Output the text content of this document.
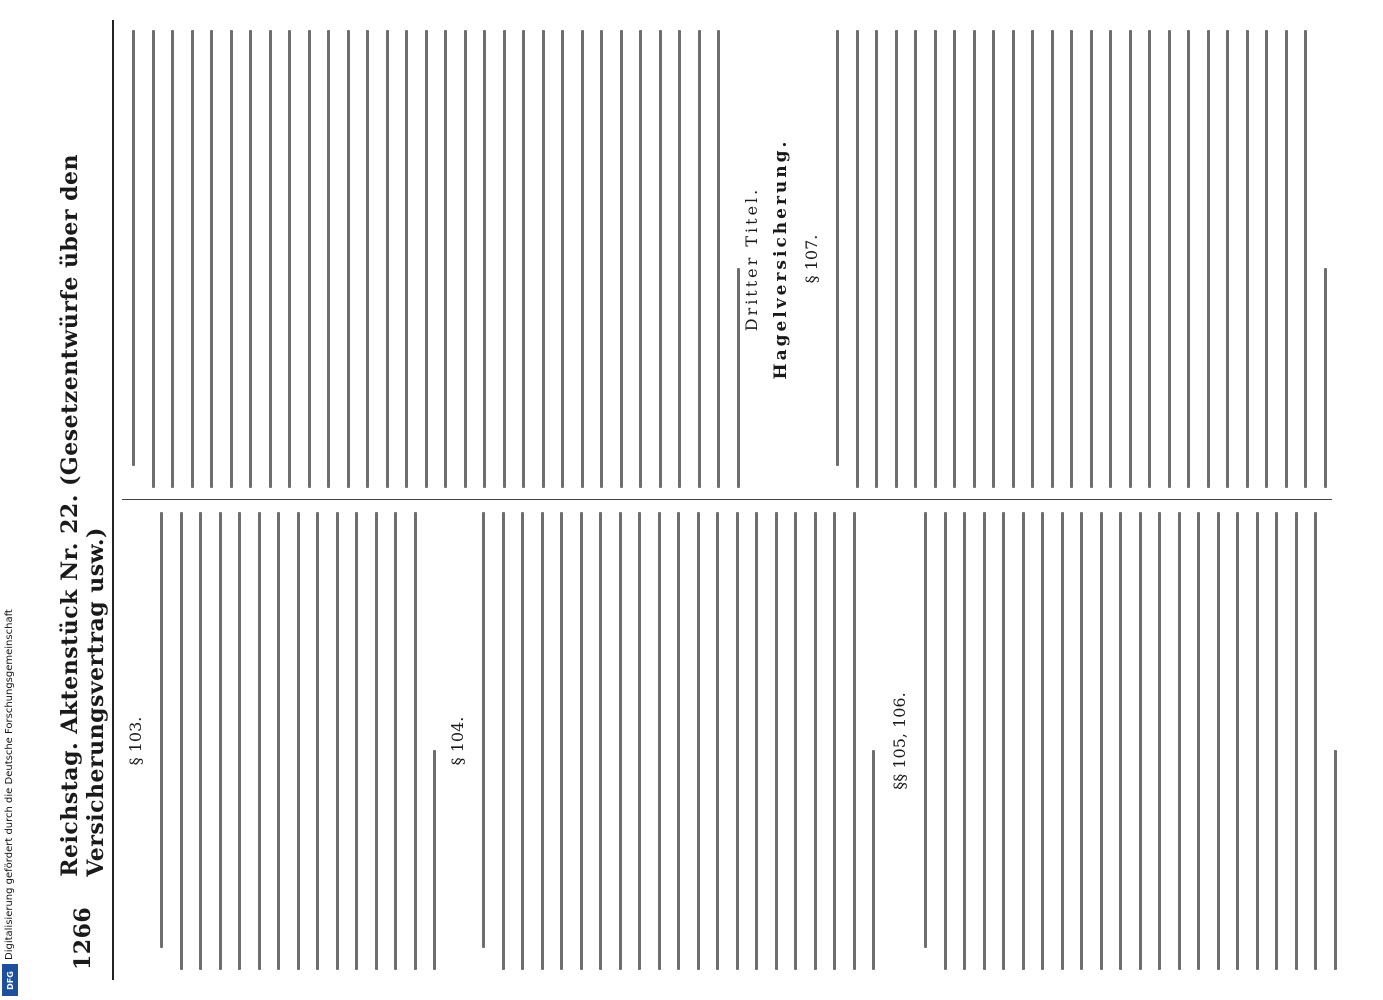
Digitalisierung gefördert durch die Deutsche Forschungsgemeinschaft
DFG
1266
Reichstag. Aktenstück Nr. 22. (Gesetzentwürfe über den Versicherungsvertrag usw.) § 103.	§ 104.	§§ 105, 106.
Dritter Titel. Hagelversicherung. § 107.
